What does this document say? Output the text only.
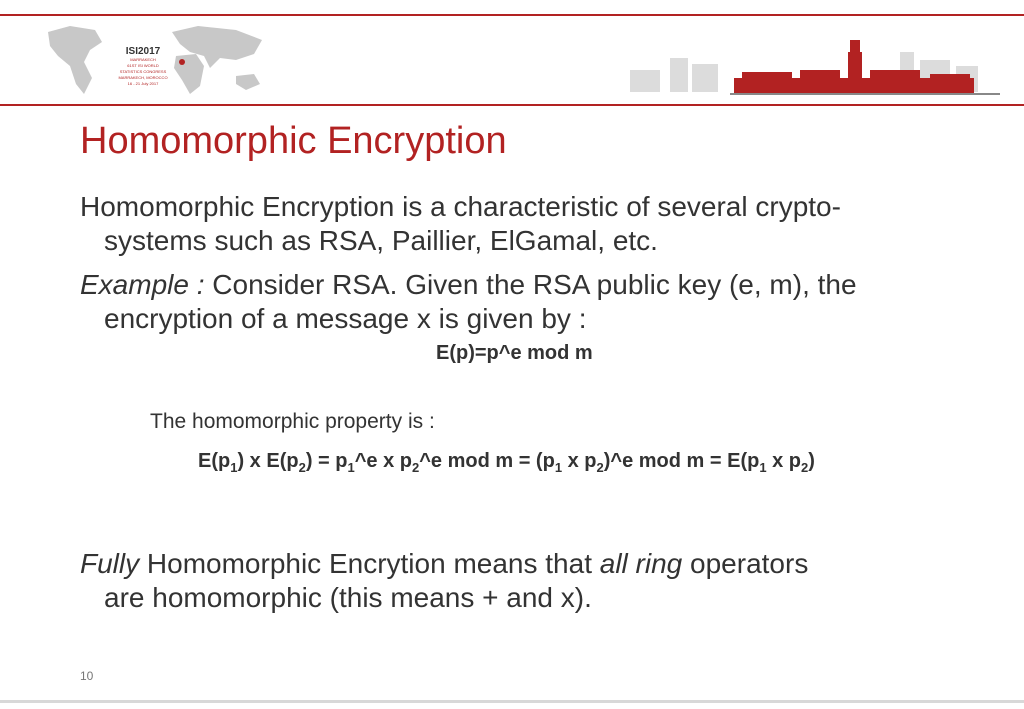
ISI2017
MARRAKECH
61ST ISI WORLD
STATISTICS CONGRESS
MARRAKECH, MOROCCO
16 - 21 July 2017
Homomorphic Encryption

Homomorphic Encryption is a characteristic of several crypto-
systems such as RSA, Paillier, ElGamal, etc.

Example : Consider RSA. Given the RSA public key (e, m), the
encryption of a message x is given by :

E(p)=p^e mod m
The homomorphic property is :
$E(p_1)$ x $E(p_2)$ = $p_1\^{}e$ x $p_2\^{}e$ mod $m = (p_1$ x $p_2)\^{}e$ mod $m = E(p_1$ x $p_2$)

Fully Homomorphic Encrytion means that all ring operators
are homomorphic (this means + and x).

10
